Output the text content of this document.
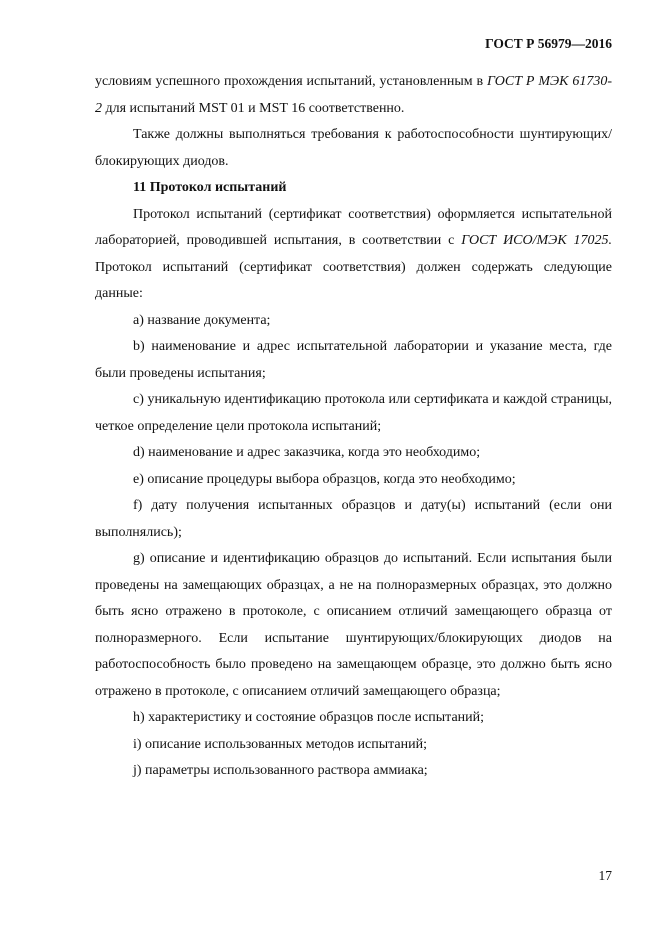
ГОСТ Р 56979—2016

условиям успешного прохождения испытаний, установленным в ГОСТ Р МЭК 61730-2 для испытаний MST 01 и MST 16 соответственно.

Также должны выполняться требования к работоспособности шунтирующих/блокирующих диодов.

11 Протокол испытаний

Протокол испытаний (сертификат соответствия) оформляется испытательной лабораторией, проводившей испытания, в соответствии с ГОСТ ИСО/МЭК 17025. Протокол испытаний (сертификат соответствия) должен содержать следующие данные:

а) название документа;

b) наименование и адрес испытательной лаборатории и указание места, где были проведены испытания;

c) уникальную идентификацию протокола или сертификата и каждой страницы, четкое определение цели протокола испытаний;

d) наименование и адрес заказчика, когда это необходимо;

e) описание процедуры выбора образцов, когда это необходимо;

f) дату получения испытанных образцов и дату(ы) испытаний (если они выполнялись);

g) описание и идентификацию образцов до испытаний. Если испытания были проведены на замещающих образцах, а не на полноразмерных образцах, это должно быть ясно отражено в протоколе, с описанием отличий замещающего образца от полноразмерного. Если испытание шунтирующих/блокирующих диодов на работоспособность было проведено на замещающем образце, это должно быть ясно отражено в протоколе, с описанием отличий замещающего образца;

h) характеристику и состояние образцов после испытаний;

i) описание использованных методов испытаний;

j) параметры использованного раствора аммиака;

17
